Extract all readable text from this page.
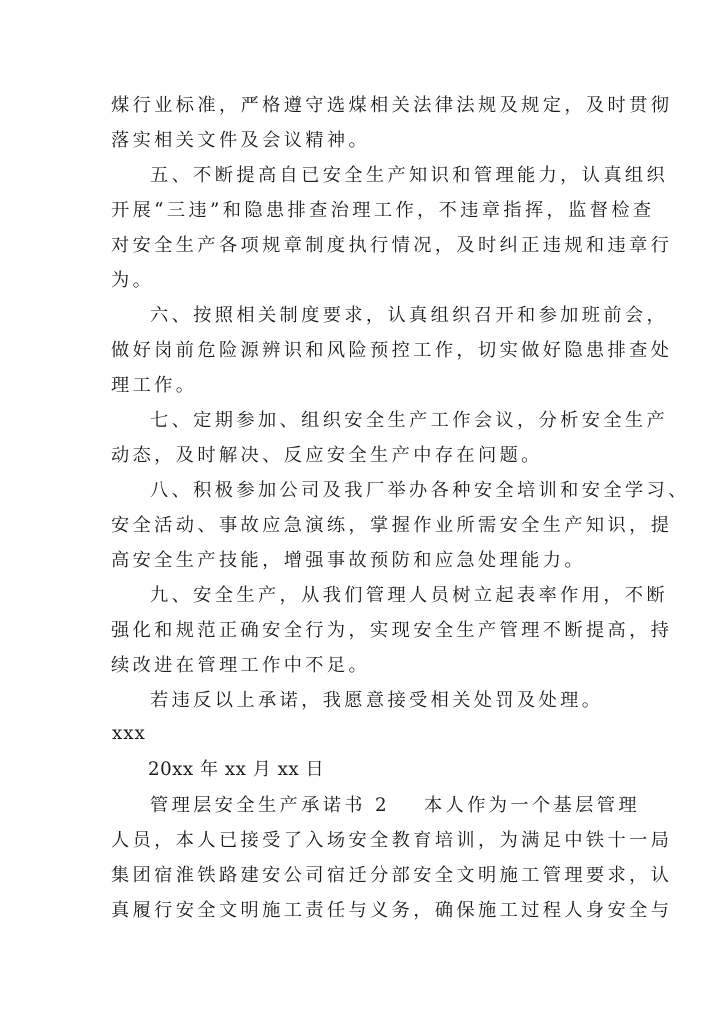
煤行业标准，严格遵守选煤相关法律法规及规定，及时贯彻
落实相关文件及会议精神。
五、不断提高自已安全生产知识和管理能力，认真组织
开展“三违”和隐患排查治理工作，不违章指挥，监督检查
对安全生产各项规章制度执行情况，及时纠正违规和违章行
为。
六、按照相关制度要求，认真组织召开和参加班前会，
做好岗前危险源辨识和风险预控工作，切实做好隐患排查处
理工作。
七、定期参加、组织安全生产工作会议，分析安全生产
动态，及时解决、反应安全生产中存在问题。
八、积极参加公司及我厂举办各种安全培训和安全学习、
安全活动、事故应急演练，掌握作业所需安全生产知识，提
高安全生产技能，增强事故预防和应急处理能力。
九、安全生产，从我们管理人员树立起表率作用，不断
强化和规范正确安全行为，实现安全生产管理不断提高，持
续改进在管理工作中不足。
若违反以上承诺，我愿意接受相关处罚及处理。
xxx
20xx 年 xx 月 xx 日
管理层安全生产承诺书 2 本人作为一个基层管理
人员，本人已接受了入场安全教育培训，为满足中铁十一局
集团宿淮铁路建安公司宿迁分部安全文明施工管理要求，认
真履行安全文明施工责任与义务，确保施工过程人身安全与
